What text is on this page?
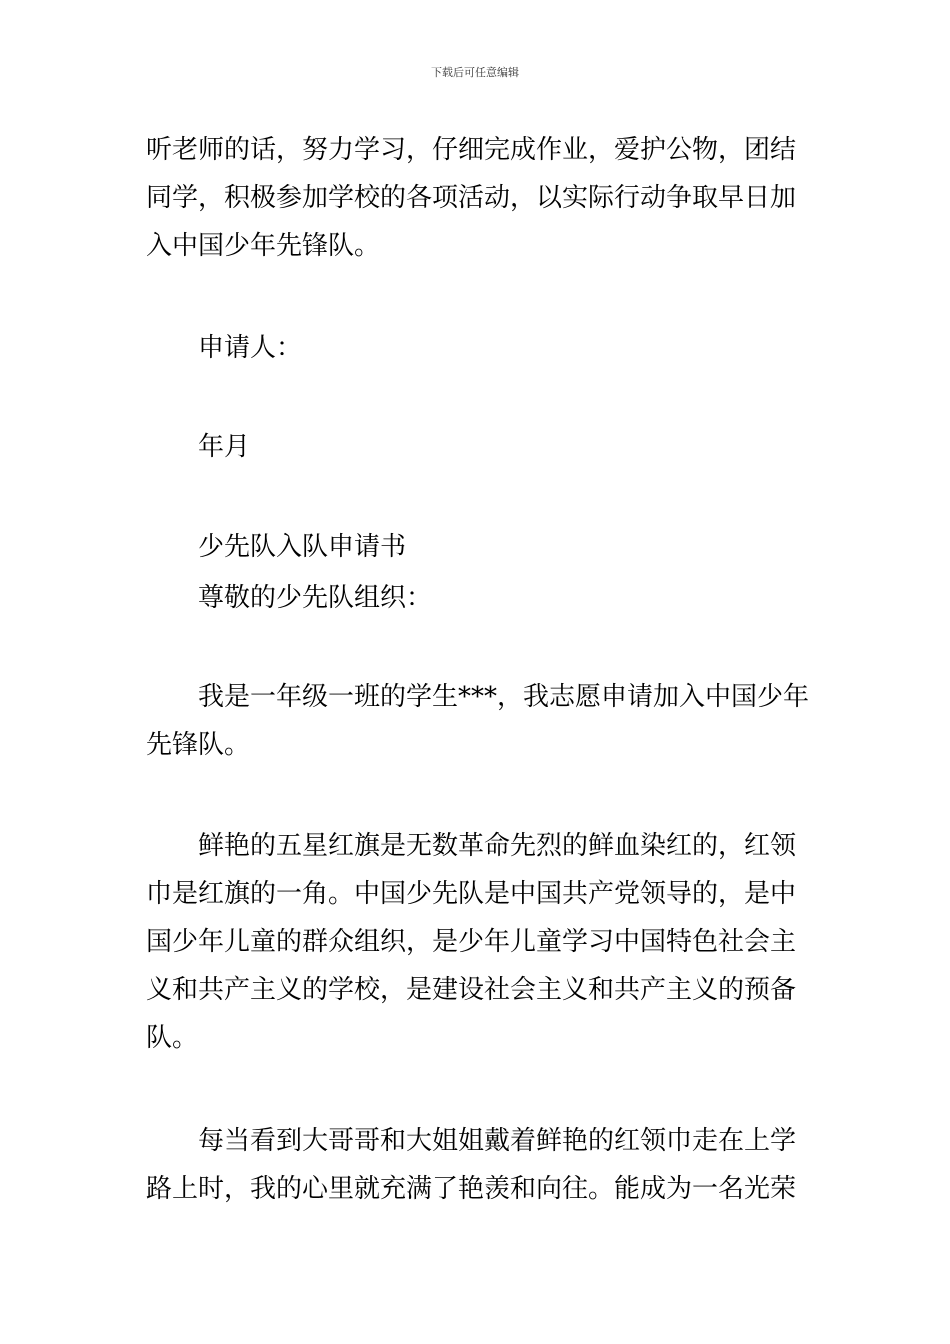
下载后可任意编辑
听老师的话，努力学习，仔细完成作业，爱护公物，团结
同学，积极参加学校的各项活动，以实际行动争取早日加
入中国少年先锋队。
申请人：
年月
少先队入队申请书
尊敬的少先队组织：
我是一年级一班的学生***，我志愿申请加入中国少年
先锋队。
鲜艳的五星红旗是无数革命先烈的鲜血染红的，红领
巾是红旗的一角。中国少先队是中国共产党领导的，是中
国少年儿童的群众组织，是少年儿童学习中国特色社会主
义和共产主义的学校，是建设社会主义和共产主义的预备
队。
每当看到大哥哥和大姐姐戴着鲜艳的红领巾走在上学
路上时，我的心里就充满了艳羡和向往。能成为一名光荣
